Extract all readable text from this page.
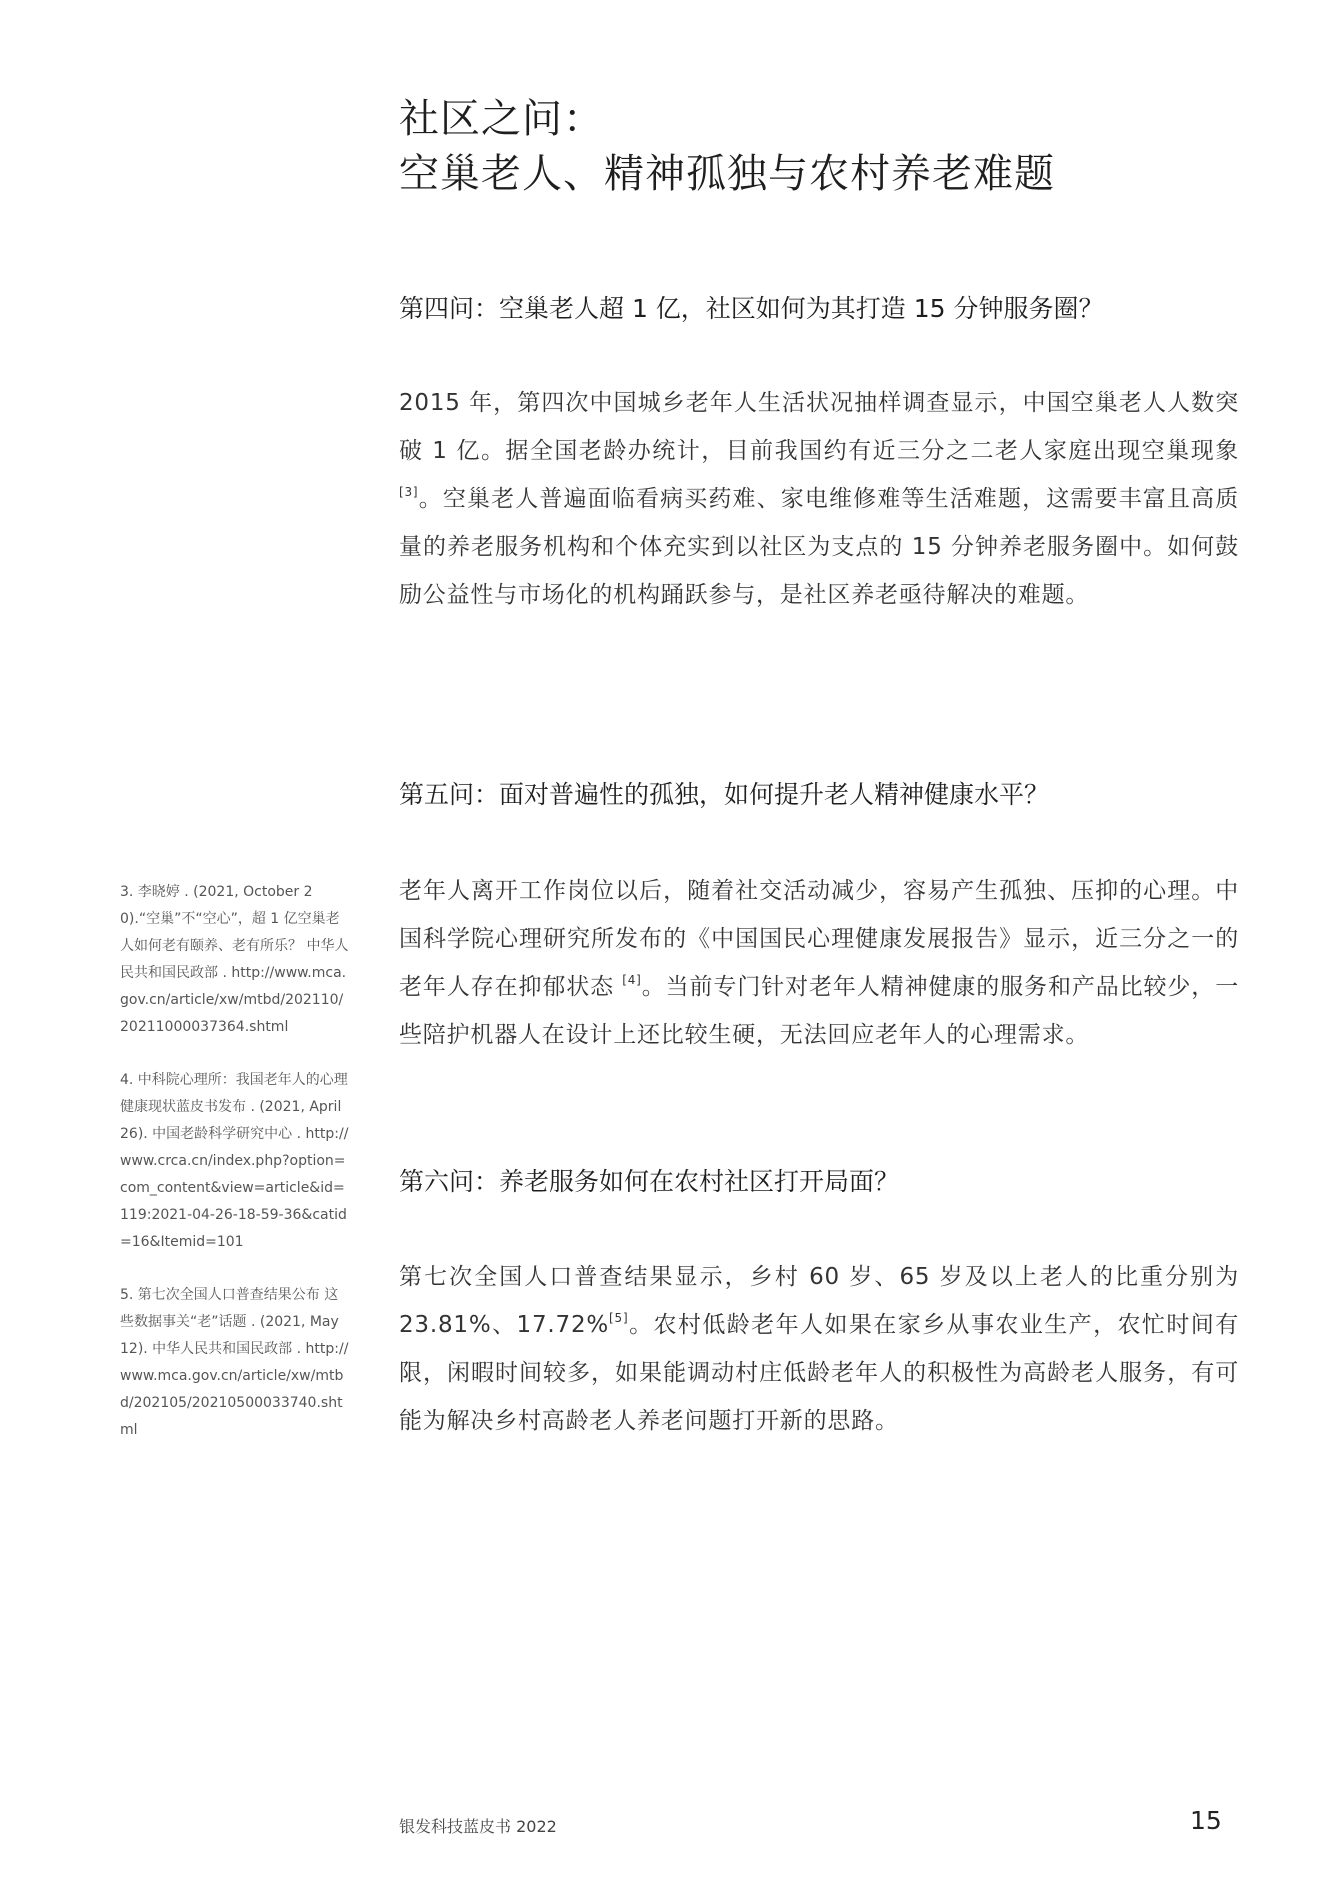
社区之问：
空巢老人、精神孤独与农村养老难题
第四问：空巢老人超 1 亿，社区如何为其打造 15 分钟服务圈？

2015 年，第四次中国城乡老年人生活状况抽样调查显示，中国空巢老人人数突破 1 亿。据全国老龄办统计，目前我国约有近三分之二老人家庭出现空巢现象 [3]。空巢老人普遍面临看病买药难、家电维修难等生活难题，这需要丰富且高质量的养老服务机构和个体充实到以社区为支点的 15 分钟养老服务圈中。如何鼓励公益性与市场化的机构踊跃参与，是社区养老亟待解决的难题。

第五问：面对普遍性的孤独，如何提升老人精神健康水平？

老年人离开工作岗位以后，随着社交活动减少，容易产生孤独、压抑的心理。中国科学院心理研究所发布的《中国国民心理健康发展报告》显示，近三分之一的老年人存在抑郁状态 [4]。当前专门针对老年人精神健康的服务和产品比较少，一些陪护机器人在设计上还比较生硬，无法回应老年人的心理需求。

第六问：养老服务如何在农村社区打开局面？

第七次全国人口普查结果显示，乡村 60 岁、65 岁及以上老人的比重分别为 23.81%、17.72%[5]。农村低龄老年人如果在家乡从事农业生产，农忙时间有限，闲暇时间较多，如果能调动村庄低龄老年人的积极性为高龄老人服务，有可能为解决乡村高龄老人养老问题打开新的思路。

3. 李晓婷 . (2021, October 20).“空巢”不“空心”，超 1 亿空巢老人如何老有颐养、老有所乐？ 中华人民共和国民政部 . http://www.mca.gov.cn/article/xw/mtbd/202110/20211000037364.shtml

4. 中科院心理所：我国老年人的心理健康现状蓝皮书发布 . (2021, April 26). 中国老龄科学研究中心 . http://www.crca.cn/index.php?option=com_content&view=article&id=119:2021-04-26-18-59-36&catid=16&Itemid=101

5. 第七次全国人口普查结果公布 这些数据事关“老”话题 . (2021, May 12). 中华人民共和国民政部 . http://www.mca.gov.cn/article/xw/mtbd/202105/20210500033740.shtml

银发科技蓝皮书 2022	15
